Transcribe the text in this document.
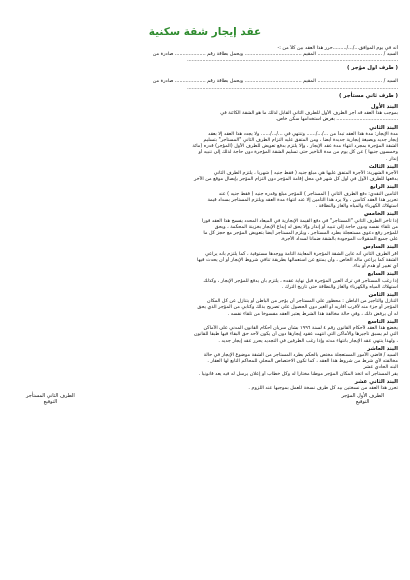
عقد إيجار شقة سكنية
أنه في يوم الموافق.../.../.........حرر هذا العقد بين كلاً من :-
السيد / .......................................... المقيم ..................................... ويحمل بطاقة رقم .................... صادرة من
.........................................................................................................................................
( طرف اول مؤجر )
السيد / .......................................... المقيم ..................................... ويحمل بطاقة رقم .................... صادرة من
.........................................................................................................................................
( طرف ثاني مستأجر )
البند الأول
بموجب هذا العقد قد أجر الطرف الأول للطرف الثاني القابل لذلك ما هو الشقة الكائنة في
........................................ بغرض استخدامها سكن خاص.
البند الثاني
مدة الإيجار: مدة هذا العقد تبدأ من .../.../...... وتنتهي في .../.../...... ولا يجدد هذا العقد إلا بعقد
إيجار جديد وبصيغة إيجارية جديدة أيضاً ، ومن المتفق عليه التزام الطرف الثاني "المستأجر" بتسليم
الشقة المؤجرة بمجرد انتهاء مدة عقد الإيجار ، وإلا يلتزم بدفع تعويض للطرف الأول (المؤجر) قدره (مائة
وخمسون جنيها ) عن كل يوم من مدة التأخير حتى تسليم الشقة المؤجرة دون حاجة لذلك إلى تنبيه أو
إنذار .
البند الثالث
الأجرة الشهرية: الأجرة المتفق عليها هي مبلغ جنيه ( فقط جنيه ) شهرياً ، يلتزم الطرف الثاني
بدفعها للطرف الأول في أول كل شهر في محل إقامة المؤجر دون التزام المؤجر بإيصال موقع من الآخر
البند الرابع
التأمين النقدي: دفع الطرف الثاني ( المستأجر ) للمؤجر مبلغ وقدره جنيه ( فقط جنيه ) عند
تحرير هذا العقد كتأمين ، ولا يرد هذا التأمين إلا عند انتهاء مدة العقد ويلتزم المستأجر بسداد قيمة
استهلاك الكهرباء والمياه والغاز والنظافة .
البند الخامس
إذا تأخر الطرف الثاني "المستأجر" في دفع القيمة الإيجارية في الميعاد المحدد يفسخ هذا العقد فوراً
من تلقاء نفسه ودون حاجة إلى تنبيه أو إنذار وإلا يحق له إيداع الإيجار بخزينة المحكمة ، ويحق
للمؤجر رفع دعوى مستعجلة بطرد المستأجر ، ويلزم المستأجر أيضاً بتعويض المؤجر مع حجز كل ما
على جميع المنقولات الموجودة بالشقة ضماناً لسداد الأجرة.
البند السادس
أقر الطرف الثاني أنه عاين الشقة المؤجرة المعاينة التامة ووجدها مستوفية ، كما يلتزم بأنه يراعي
الشقة كما يراعي ماله الخاص ، وأن يمتنع عن استعمالها بطريقة تنافي شروط الإيجار أو أن يحدث فيها
أي تغيير أو هدم أو بناء.
البند السابع
إذا رغب المستأجر في ترك العين المؤجرة قبل نهاية عقده ، يلتزم بأن يدفع للمؤجر الإيجار ، وكذلك
استهلاك المياه والكهرباء والغاز والنظافة حتى تاريخ الترك .
البند الثامن
التنازل والتأجير من الباطن : محظور على المستأجر أن يؤجر من الباطن أو يتنازل عن كل المكان
المؤجر أو جزء منه لأقرب أقاربه أو الغير دون الحصول على تصريح بذلك وكتابي من المؤجر الذي يحق
له أن يرفض ذلك ، وفي حالة مخالفة هذا الشرط يعتبر العقد مفسوخاً من تلقاء نفسه .
البند التاسع
يخضع هذا العقد لأحكام القانون رقم ٤ لسنة ١٩٩٦ بشأن سريان أحكام القانون المدني على الأماكن
التي لم يسبق تأجيرها والأماكن التي انتهت عقود إيجارها دون أن يكون لأحد حق البقاء فيها طبقاً للقانون
، ولهذا ينتهي عقد الإيجار بانتهاء مدته وإذا رغب الطرفين في التجديد يحرر عقد إيجار جديد .
البند العاشر
السيد / قاضي الأمور المستعجلة مختص بالحكم بطرد المستأجر من الشقة موضوع الإيجار في حالة
مخالفته لأي شرط من شروط هذا العقد ، كما تكون الاختصاص المحلي للمحاكم التابع لها العقار .
البند الحادي عشر
يقر المستأجر أنه اتخذ المكان المؤجر موطناً مختاراً له وكل خطاب أو إعلان يرسل له فيه يعد قانونياً .
البند الثاني عشر
تحرر هذا العقد من نسختين بيد كل طرف نسخة للعمل بموجبها عند اللزوم .
الطرف الأول المؤجر
التوقيع
الطرف الثاني المستأجر
التوقيع
